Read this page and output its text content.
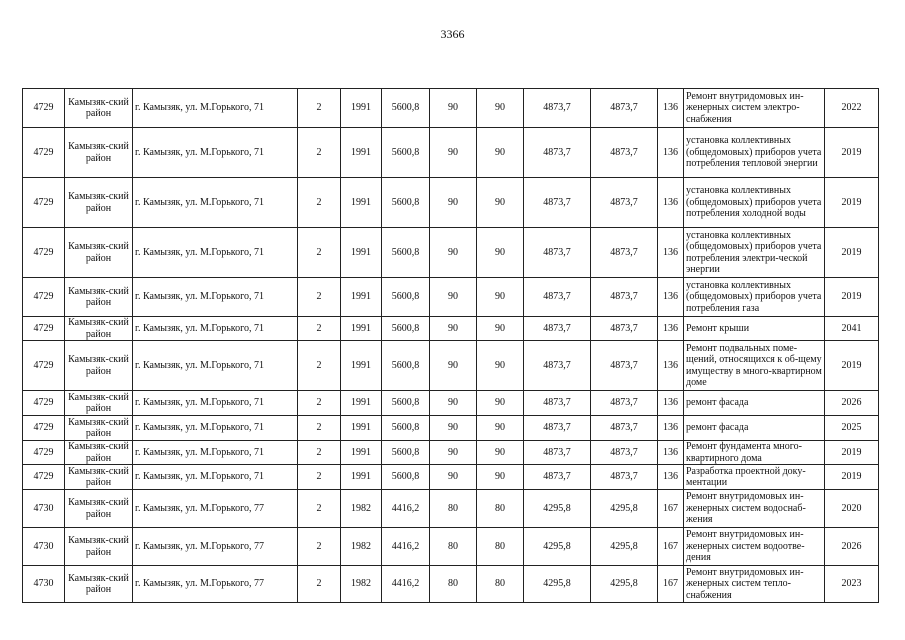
3366
4729	Камызяк-ский район	г. Камызяк, ул. М.Горького, 71	2	1991	5600,8	90	90	4873,7	4873,7	136	Ремонт внутридомовых ин-женерных систем электро-снабжения	2022
4729	Камызяк-ский район	г. Камызяк, ул. М.Горького, 71	2	1991	5600,8	90	90	4873,7	4873,7	136	установка коллективных (общедомовых) приборов учета потребления тепловой энергии	2019
4729	Камызяк-ский район	г. Камызяк, ул. М.Горького, 71	2	1991	5600,8	90	90	4873,7	4873,7	136	установка коллективных (общедомовых) приборов учета потребления холодной воды	2019
4729	Камызяк-ский район	г. Камызяк, ул. М.Горького, 71	2	1991	5600,8	90	90	4873,7	4873,7	136	установка коллективных (общедомовых) приборов учета потребления электри-ческой энергии	2019
4729	Камызяк-ский район	г. Камызяк, ул. М.Горького, 71	2	1991	5600,8	90	90	4873,7	4873,7	136	установка коллективных (общедомовых) приборов учета потребления газа	2019
4729	Камызяк-ский район	г. Камызяк, ул. М.Горького, 71	2	1991	5600,8	90	90	4873,7	4873,7	136	Ремонт крыши	2041
4729	Камызяк-ский район	г. Камызяк, ул. М.Горького, 71	2	1991	5600,8	90	90	4873,7	4873,7	136	Ремонт подвальных поме-щений, относящихся к об-щему имуществу в много-квартирном доме	2019
4729	Камызяк-ский район	г. Камызяк, ул. М.Горького, 71	2	1991	5600,8	90	90	4873,7	4873,7	136	ремонт фасада	2026
4729	Камызяк-ский район	г. Камызяк, ул. М.Горького, 71	2	1991	5600,8	90	90	4873,7	4873,7	136	ремонт фасада	2025
4729	Камызяк-ский район	г. Камызяк, ул. М.Горького, 71	2	1991	5600,8	90	90	4873,7	4873,7	136	Ремонт фундамента много-квартирного дома	2019
4729	Камызяк-ский район	г. Камызяк, ул. М.Горького, 71	2	1991	5600,8	90	90	4873,7	4873,7	136	Разработка проектной доку-ментации	2019
4730	Камызяк-ский район	г. Камызяк, ул. М.Горького, 77	2	1982	4416,2	80	80	4295,8	4295,8	167	Ремонт внутридомовых ин-женерных систем водоснаб-жения	2020
4730	Камызяк-ский район	г. Камызяк, ул. М.Горького, 77	2	1982	4416,2	80	80	4295,8	4295,8	167	Ремонт внутридомовых ин-женерных систем водоотве-дения	2026
4730	Камызяк-ский район	г. Камызяк, ул. М.Горького, 77	2	1982	4416,2	80	80	4295,8	4295,8	167	Ремонт внутридомовых ин-женерных систем тепло-снабжения	2023
